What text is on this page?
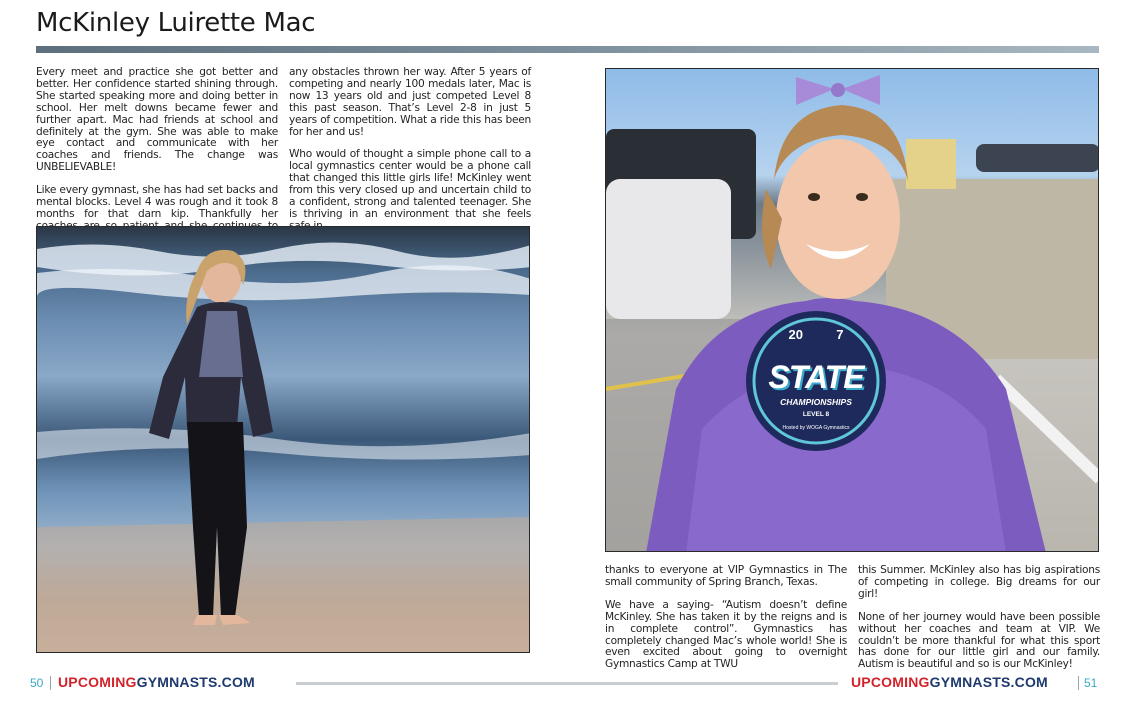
McKinley Luirette Mac

Every meet and practice she got better and better. Her confidence started shining through. She started speaking more and doing better in school. Her melt downs became fewer and further apart. Mac had friends at school and definitely at the gym. She was able to make eye contact and communicate with her coaches and friends. The change was UNBELIEVABLE!

Like every gymnast, she has had set backs and mental blocks. Level 4 was rough and it took 8 months for that darn kip. Thankfully her

any obstacles thrown her way. After 5 years of competing and nearly 100 medals later, Mac is now 13 years old and just competed Level 8 this past season. That’s Level 2-8 in just 5 years of competition. What a ride this has been for her and us!

Who would of thought a simple phone call to a local gymnastics center would be a phone call that changed this little girls life! McKinley went from this very closed up and uncertain child to a confident, strong and talented teenager. She is thriving in an environment that she feels

20	7
STATE
CHAMPIONSHIPS
LEVEL 8
Hosted by WOGA Gymnastics

thanks to everyone at VIP Gymnastics in The small community of Spring Branch, Texas.

We have a saying- “Autism doesn’t define McKinley. She has taken it by the reigns and is in complete control”. Gymnastics has completely changed Mac’s whole world! She is even excited about going to overnight Gymnastics Camp at TWU

this Summer. McKinley also has big aspirations of competing in college. Big dreams for our girl!

None of her journey would have been possible without her coaches and team at VIP. We couldn’t be more thankful for what this sport has done for our little girl and our family. Autism is beautiful and so is our McKinley!

50 UPCOMINGGYMNASTS.COM	UPCOMINGGYMNASTS.COM	51
